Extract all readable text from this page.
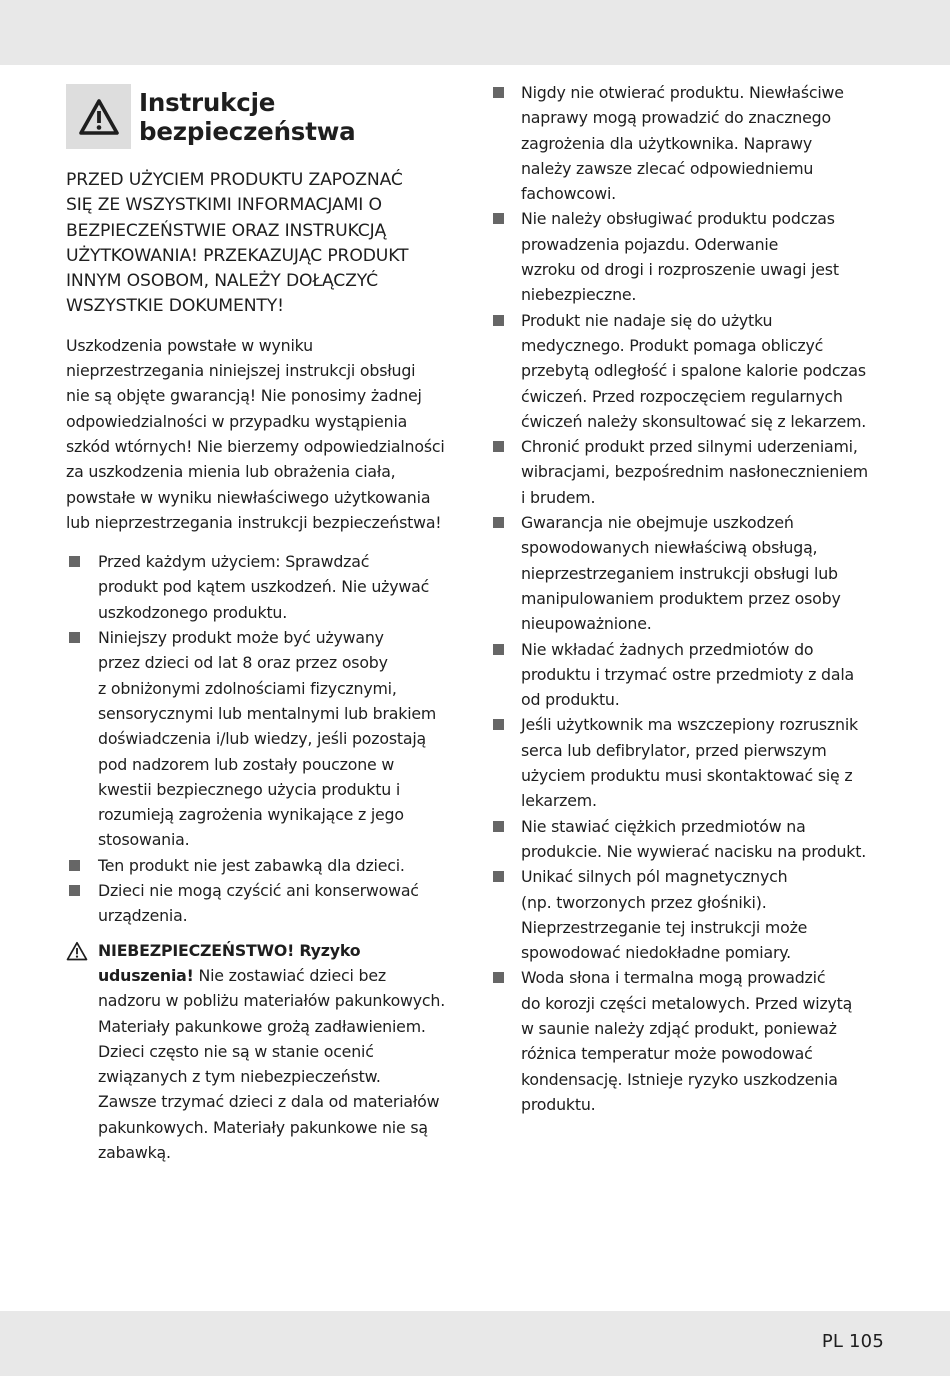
Instrukcje
bezpieczeństwa
PRZED UŻYCIEM PRODUKTU ZAPOZNAĆ
SIĘ ZE WSZYSTKIMI INFORMACJAMI O
BEZPIECZEŃSTWIE ORAZ INSTRUKCJĄ
UŻYTKOWANIA! PRZEKAZUJĄC PRODUKT
INNYM OSOBOM, NALEŻY DOŁĄCZYĆ
WSZYSTKIE DOKUMENTY!
Uszkodzenia powstałe w wyniku
nieprzestrzegania niniejszej instrukcji obsługi
nie są objęte gwarancją! Nie ponosimy żadnej
odpowiedzialności w przypadku wystąpienia
szkód wtórnych! Nie bierzemy odpowiedzialności
za uszkodzenia mienia lub obrażenia ciała,
powstałe w wyniku niewłaściwego użytkowania
lub nieprzestrzegania instrukcji bezpieczeństwa!
Przed każdym użyciem: Sprawdzać
produkt pod kątem uszkodzeń. Nie używać
uszkodzonego produktu.
Niniejszy produkt może być używany
przez dzieci od lat 8 oraz przez osoby
z obniżonymi zdolnościami fizycznymi,
sensorycznymi lub mentalnymi lub brakiem
doświadczenia i/lub wiedzy, jeśli pozostają
pod nadzorem lub zostały pouczone w
kwestii bezpiecznego użycia produktu i
rozumieją zagrożenia wynikające z jego
stosowania.
Ten produkt nie jest zabawką dla dzieci.
Dzieci nie mogą czyścić ani konserwować
urządzenia.
NIEBEZPIECZEŃSTWO! Ryzyko
uduszenia! Nie zostawiać dzieci bez
nadzoru w pobliżu materiałów pakunkowych.
Materiały pakunkowe grożą zadławieniem.
Dzieci często nie są w stanie ocenić
związanych z tym niebezpieczeństw.
Zawsze trzymać dzieci z dala od materiałów
pakunkowych. Materiały pakunkowe nie są
zabawką.
Nigdy nie otwierać produktu. Niewłaściwe
naprawy mogą prowadzić do znacznego
zagrożenia dla użytkownika. Naprawy
należy zawsze zlecać odpowiedniemu
fachowcowi.
Nie należy obsługiwać produktu podczas
prowadzenia pojazdu. Oderwanie
wzroku od drogi i rozproszenie uwagi jest
niebezpieczne.
Produkt nie nadaje się do użytku
medycznego. Produkt pomaga obliczyć
przebytą odległość i spalone kalorie podczas
ćwiczeń. Przed rozpoczęciem regularnych
ćwiczeń należy skonsultować się z lekarzem.
Chronić produkt przed silnymi uderzeniami,
wibracjami, bezpośrednim nasłonecznieniem
i brudem.
Gwarancja nie obejmuje uszkodzeń
spowodowanych niewłaściwą obsługą,
nieprzestrzeganiem instrukcji obsługi lub
manipulowaniem produktem przez osoby
nieupoważnione.
Nie wkładać żadnych przedmiotów do
produktu i trzymać ostre przedmioty z dala
od produktu.
Jeśli użytkownik ma wszczepiony rozrusznik
serca lub defibrylator, przed pierwszym
użyciem produktu musi skontaktować się z
lekarzem.
Nie stawiać ciężkich przedmiotów na
produkcie. Nie wywierać nacisku na produkt.
Unikać silnych pól magnetycznych
(np. tworzonych przez głośniki).
Nieprzestrzeganie tej instrukcji może
spowodować niedokładne pomiary.
Woda słona i termalna mogą prowadzić
do korozji części metalowych. Przed wizytą
w saunie należy zdjąć produkt, ponieważ
różnica temperatur może powodować
kondensację. Istnieje ryzyko uszkodzenia
produktu.
PL 105
